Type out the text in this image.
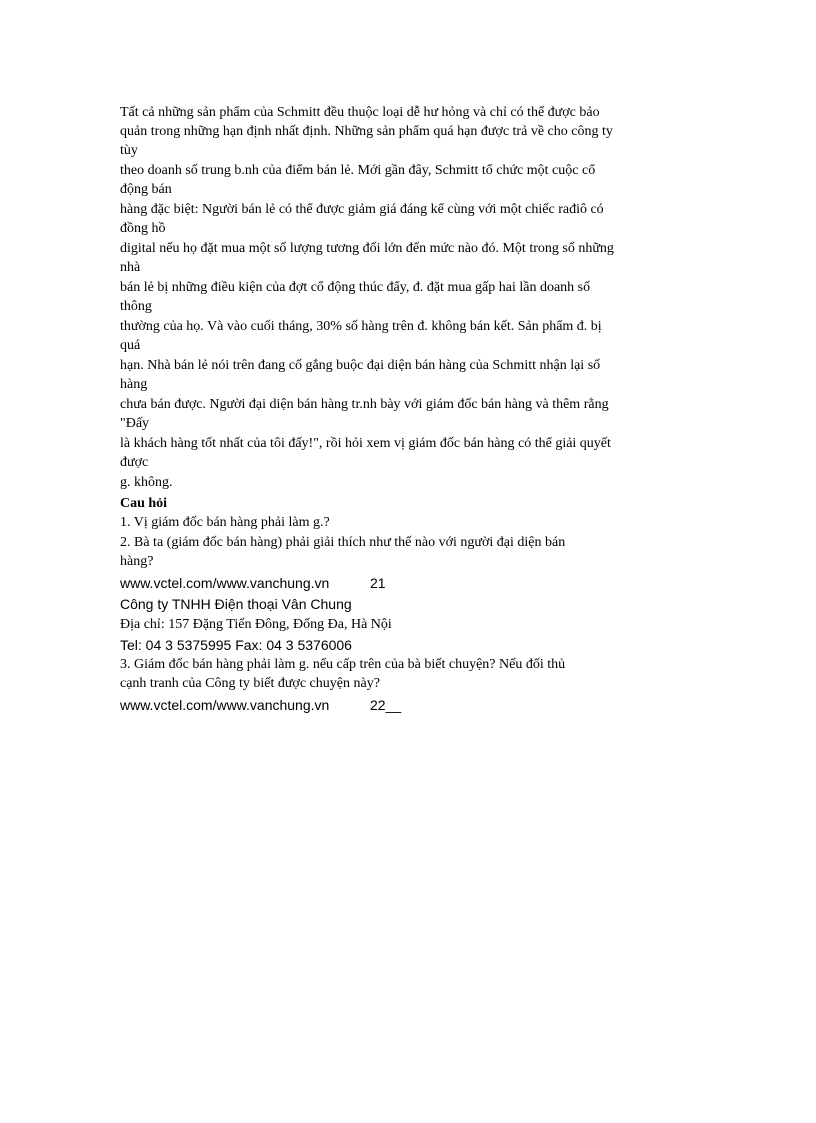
Tất cả những sản phẩm của Schmitt đều thuộc loại dễ hư hỏng và chỉ có thể được bảo
quản trong những hạn định nhất định. Những sản phẩm quá hạn được trả về cho công ty
tùy
theo doanh số trung b.nh của điểm bán lẻ. Mới gần đây, Schmitt tổ chức một cuộc cổ
động bán
hàng đặc biệt: Người bán lẻ có thể được giảm giá đáng kể cùng với một chiếc rađiô có
đồng hồ
digital nếu họ đặt mua một số lượng tương đối lớn đến mức nào đó. Một trong số những
nhà
bán lẻ bị những điều kiện của đợt cổ động thúc đẩy, đ. đặt mua gấp hai lần doanh số
thông
thường của họ. Và vào cuối tháng, 30% số hàng trên đ. không bán kết. Sản phẩm đ. bị
quá
hạn. Nhà bán lẻ nói trên đang cố gắng buộc đại diện bán hàng của Schmitt nhận lại số
hàng
chưa bán được. Người đại diện bán hàng tr.nh bày với giám đốc bán hàng và thêm rằng
"Đấy
là khách hàng tốt nhất của tôi đấy!", rồi hỏi xem vị giám đốc bán hàng có thể giải quyết
được
g. không.
Cau hỏi
1. Vị giám đốc bán hàng phải làm g.?
2. Bà ta (giám đốc bán hàng) phải giải thích như thế nào với người đại diện bán
hàng?
www.vctel.com/www.vanchung.vn	21
Công ty TNHH Điện thoại Vân Chung
Địa chỉ: 157 Đặng Tiến Đông, Đống Đa, Hà Nội
Tel: 04 3 5375995 Fax: 04 3 5376006
3. Giám đốc bán hàng phải làm g. nếu cấp trên của bà biết chuyện? Nếu đối thủ
cạnh tranh của Công ty biết được chuyện này?
www.vctel.com/www.vanchung.vn	22__
